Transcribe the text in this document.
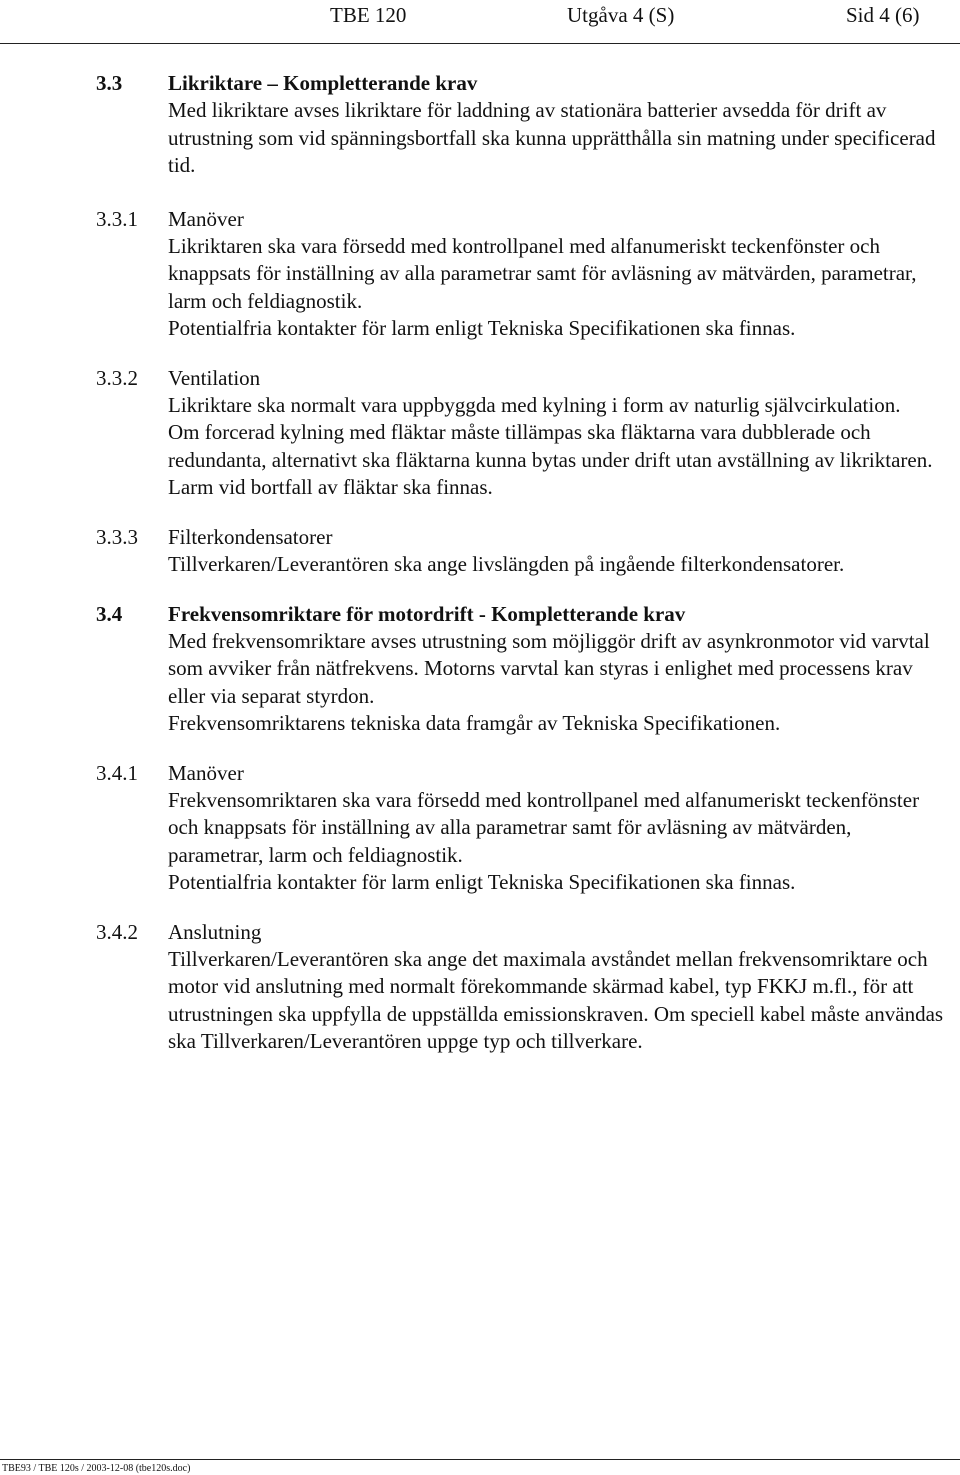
TBE 120	Utgåva 4 (S)	Sid 4 (6)
3.3 Likriktare – Kompletterande krav
Med likriktare avses likriktare för laddning av stationära batterier avsedda för drift av utrustning som vid spänningsbortfall ska kunna upprätthålla sin matning under specificerad tid.
3.3.1 Manöver
Likriktaren ska vara försedd med kontrollpanel med alfanumeriskt teckenfönster och knappsats för inställning av alla parametrar samt för avläsning av mätvärden, parametrar, larm och feldiagnostik.
Potentialfria kontakter för larm enligt Tekniska Specifikationen ska finnas.
3.3.2 Ventilation
Likriktare ska normalt vara uppbyggda med kylning i form av naturlig självcirkulation.
Om forcerad kylning med fläktar måste tillämpas ska fläktarna vara dubblerade och redundanta, alternativt ska fläktarna kunna bytas under drift utan avställning av likriktaren. Larm vid bortfall av fläktar ska finnas.
3.3.3 Filterkondensatorer
Tillverkaren/Leverantören ska ange livslängden på ingående filterkondensatorer.
3.4 Frekvensomriktare för motordrift - Kompletterande krav
Med frekvensomriktare avses utrustning som möjliggör drift av asynkronmotor vid varvtal som avviker från nätfrekvens. Motorns varvtal kan styras i enlighet med processens krav eller via separat styrdon.
Frekvensomriktarens tekniska data framgår av Tekniska Specifikationen.
3.4.1 Manöver
Frekvensomriktaren ska vara försedd med kontrollpanel med alfanumeriskt teckenfönster och knappsats för inställning av alla parametrar samt för avläsning av mätvärden, parametrar, larm och feldiagnostik.
Potentialfria kontakter för larm enligt Tekniska Specifikationen ska finnas.
3.4.2 Anslutning
Tillverkaren/Leverantören ska ange det maximala avståndet mellan frekvensomriktare och motor vid anslutning med normalt förekommande skärmad kabel, typ FKKJ m.fl., för att utrustningen ska uppfylla de uppställda emissionskraven. Om speciell kabel måste användas ska Tillverkaren/Leverantören uppge typ och tillverkare.
TBE93 / TBE 120s / 2003-12-08 (tbe120s.doc)
